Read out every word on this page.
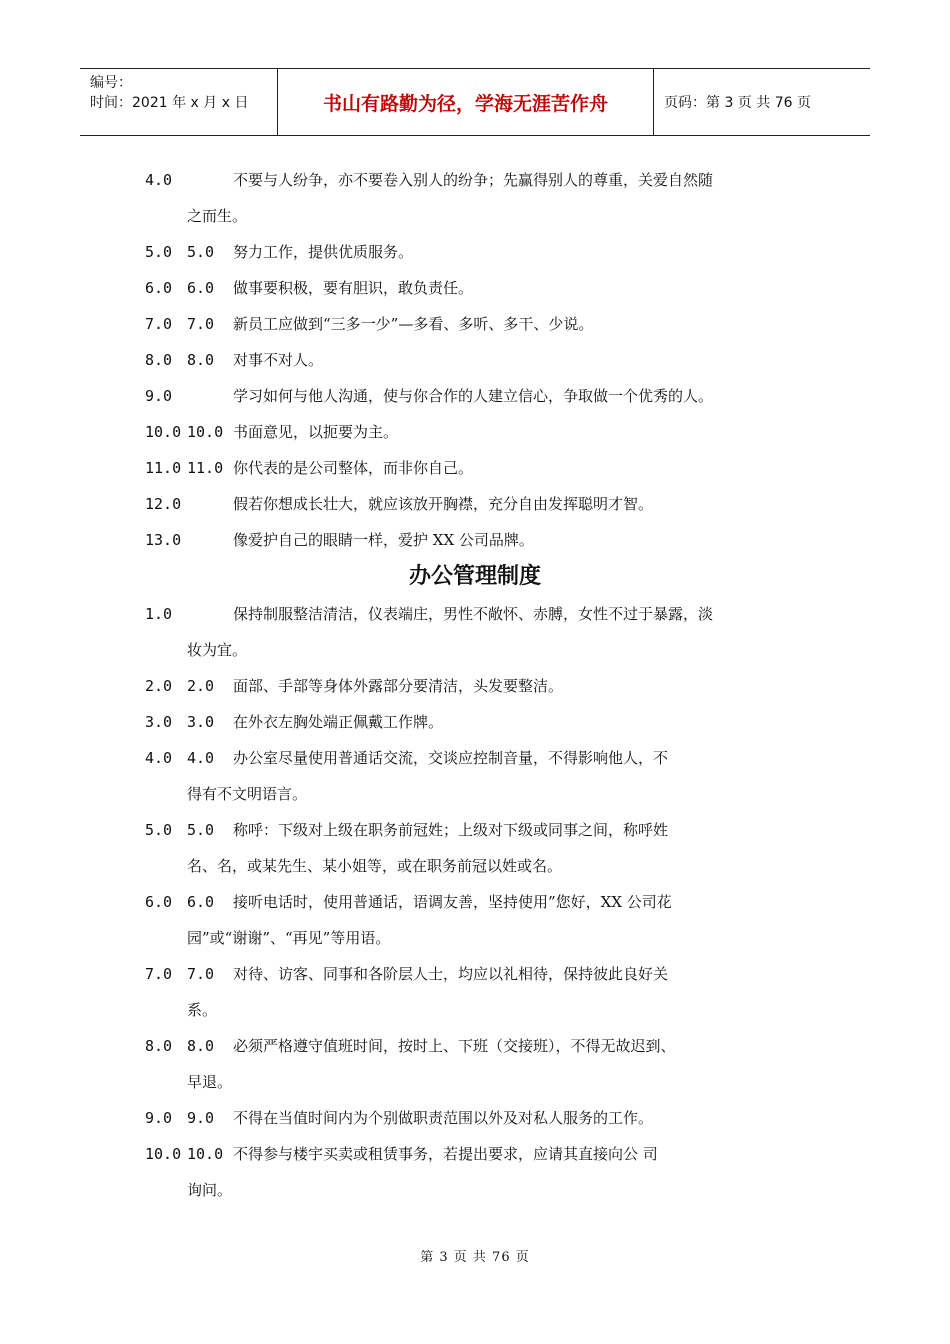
编号：
时间：2021 年 x 月 x 日	书山有路勤为径，学海无涯苦作舟	页码：第 3 页 共 76 页
4.0	不要与人纷争，亦不要卷入别人的纷争；先赢得别人的尊重，关爱自然随
之而生。
5.0 5.0	努力工作，提供优质服务。
6.0 6.0	做事要积极，要有胆识，敢负责任。
7.0 7.0	新员工应做到“三多一少”—多看、多听、多干、少说。
8.0 8.0	对事不对人。
9.0	学习如何与他人沟通，使与你合作的人建立信心，争取做一个优秀的人。
10.0 10.0 书面意见，以扼要为主。
11.0 11.0 你代表的是公司整体，而非你自己。
12.0	假若你想成长壮大，就应该放开胸襟，充分自由发挥聪明才智。
13.0	像爱护自己的眼睛一样，爱护 XX 公司品牌。
办公管理制度
1.0	保持制服整洁清洁，仪表端庄，男性不敞怀、赤膊，女性不过于暴露，淡
妆为宜。
2.0 2.0	面部、手部等身体外露部分要清洁，头发要整洁。
3.0 3.0	在外衣左胸处端正佩戴工作牌。
4.0 4.0	办公室尽量使用普通话交流，交谈应控制音量，不得影响他人，不
得有不文明语言。
5.0 5.0	称呼：下级对上级在职务前冠姓；上级对下级或同事之间，称呼姓
名、名，或某先生、某小姐等，或在职务前冠以姓或名。
6.0 6.0	接听电话时，使用普通话，语调友善，坚持使用”您好，XX 公司花
园”或“谢谢”、“再见”等用语。
7.0 7.0	对待、访客、同事和各阶层人士，均应以礼相待，保持彼此良好关
系。
8.0 8.0	必须严格遵守值班时间，按时上、下班（交接班），不得无故迟到、
早退。
9.0 9.0	不得在当值时间内为个别做职责范围以外及对私人服务的工作。
10.0 10.0 不得参与楼宇买卖或租赁事务，若提出要求，应请其直接向公 司
询问。
第 3 页 共 76 页
